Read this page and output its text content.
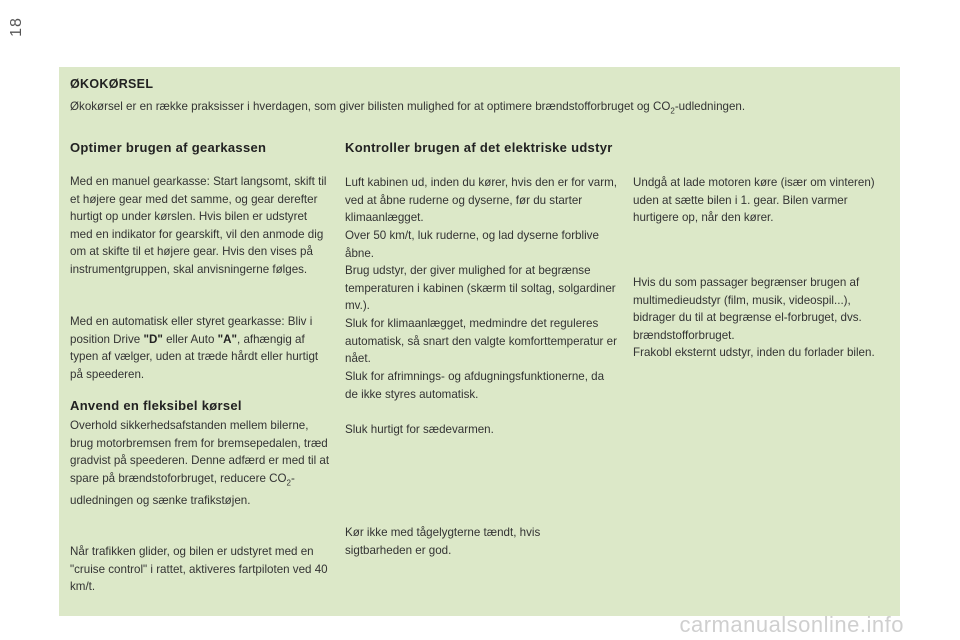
18
ØKOKØRSEL
Økokørsel er en række praksisser i hverdagen, som giver bilisten mulighed for at optimere brændstofforbruget og $CO_2$-udledningen.
Optimer brugen af gearkassen
Med en manuel gearkasse: Start langsomt, skift til et højere gear med det samme, og gear derefter hurtigt op under kørslen. Hvis bilen er udstyret med en indikator for gearskift, vil den anmode dig om at skifte til et højere gear. Hvis den vises på instrumentgruppen, skal anvisningerne følges.
Med en automatisk eller styret gearkasse: Bliv i position Drive "D" eller Auto "A", afhængig af typen af vælger, uden at træde hårdt eller hurtigt på speederen.
Anvend en fleksibel kørsel
Overhold sikkerhedsafstanden mellem bilerne, brug motorbremsen frem for bremsepedalen, træd gradvist på speederen. Denne adfærd er med til at spare på brændstoforbruget, reducere $CO_2$-udledningen og sænke trafikstøjen.
Når trafikken glider, og bilen er udstyret med en "cruise control" i rattet, aktiveres fartpiloten ved 40 km/t.
Kontroller brugen af det elektriske udstyr
Luft kabinen ud, inden du kører, hvis den er for varm, ved at åbne ruderne og dyserne, før du starter klimaanlægget.
Over 50 km/t, luk ruderne, og lad dyserne forblive åbne.
Brug udstyr, der giver mulighed for at begrænse temperaturen i kabinen (skærm til soltag, solgardiner mv.).
Sluk for klimaanlægget, medmindre det reguleres automatisk, så snart den valgte komforttemperatur er nået.
Sluk for afrimnings- og afdugningsfunktionerne, da de ikke styres automatisk.
Sluk hurtigt for sædevarmen.
Kør ikke med tågelygterne tændt, hvis sigtbarheden er god.
Undgå at lade motoren køre (især om vinteren) uden at sætte bilen i 1. gear. Bilen varmer hurtigere op, når den kører.
Hvis du som passager begrænser brugen af multimedieudstyr (film, musik, videospil...), bidrager du til at begrænse el-forbruget, dvs. brændstofforbruget.
Frakobl eksternt udstyr, inden du forlader bilen.
carmanualsonline.info
